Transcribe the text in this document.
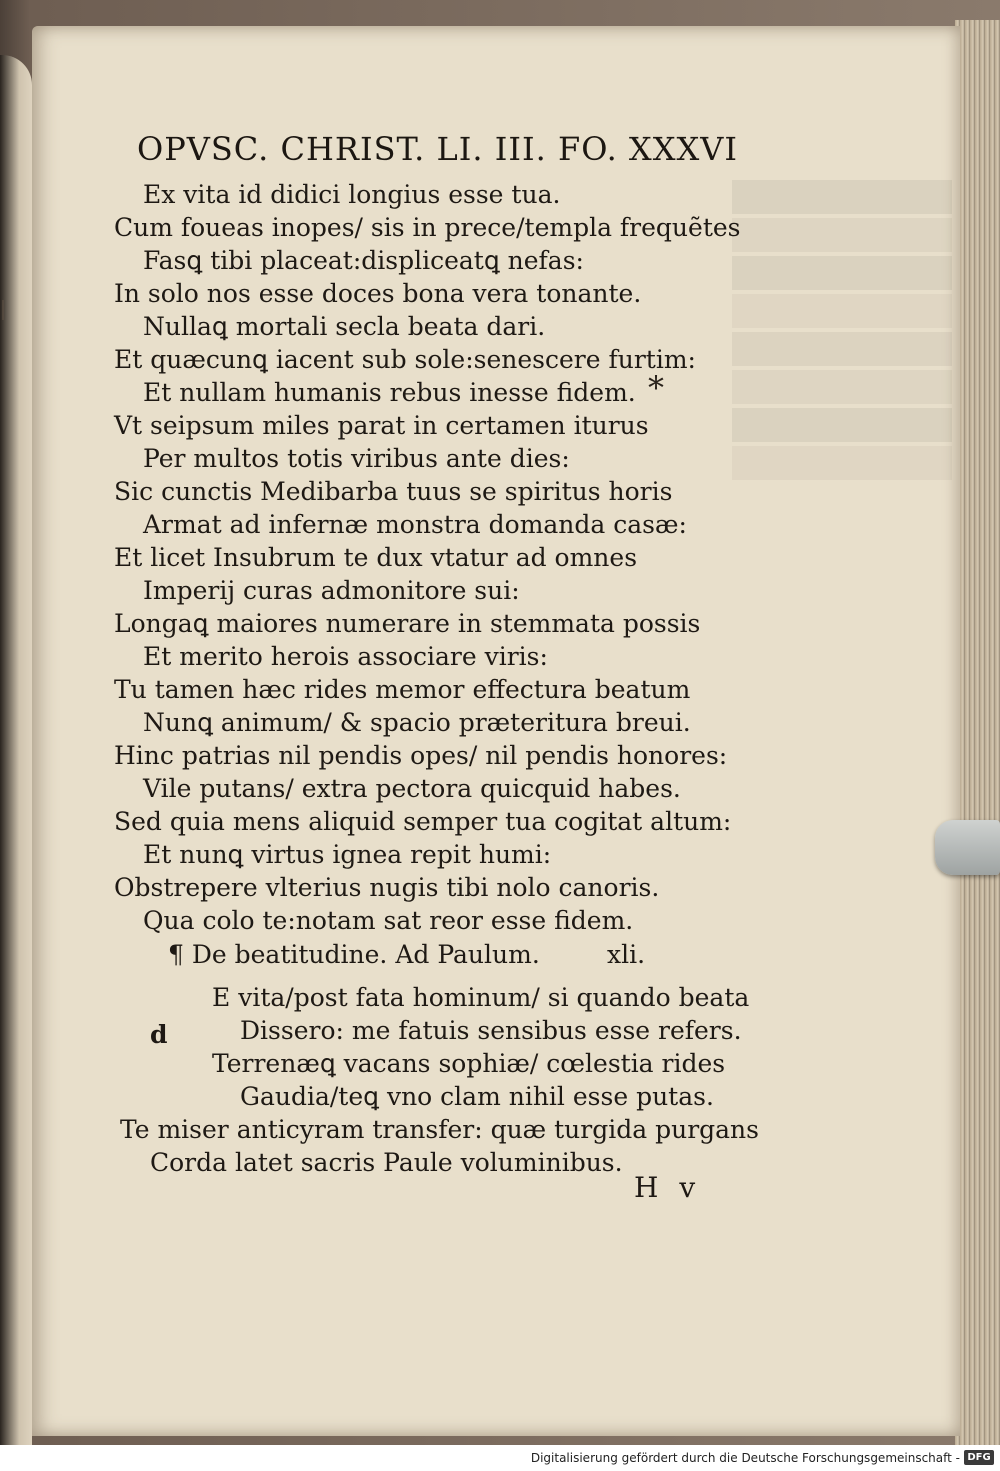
OPVSC. CHRIST. LI. III. FO. XXXVI
Ex vita id didici longius esse tua.
Cum foueas inopes/ sis in prece/templa frequẽtes
Fasꝗ tibi placeat:displiceatꝗ nefas:
In solo nos esse doces bona vera tonante.
Nullaꝗ mortali secla beata dari.
Et quæcunꝗ iacent sub sole:senescere furtim:
Et nullam humanis rebus inesse fidem.
Vt seipsum miles parat in certamen iturus
Per multos totis viribus ante dies:
Sic cunctis Medibarba tuus se spiritus horis
Armat ad infernæ monstra domanda casæ:
Et licet Insubrum te dux vtatur ad omnes
Imperij curas admonitore sui:
Longaꝗ maiores numerare in stemmata possis
Et merito herois associare viris:
Tu tamen hæc rides memor effectura beatum
Nunꝗ animum/ & spacio præteritura breui.
Hinc patrias nil pendis opes/ nil pendis honores:
Vile putans/ extra pectora quicquid habes.
Sed quia mens aliquid semper tua cogitat altum:
Et nunꝗ virtus ignea repit humi:
Obstrepere vlterius nugis tibi nolo canoris.
Qua colo te:notam sat reor esse fidem.
*
¶ De beatitudine. Ad Paulum.	xli.
d
E vita/post fata hominum/ si quando beata
Dissero: me fatuis sensibus esse refers.
Terrenæꝗ vacans sophiæ/ cœlestia rides
Gaudia/teꝗ vno clam nihil esse putas.
Te miser anticyram transfer: quæ turgida purgans
Corda latet sacris Paule voluminibus.
H v
Digitalisierung gefördert durch die Deutsche Forschungsgemeinschaft - DFG
